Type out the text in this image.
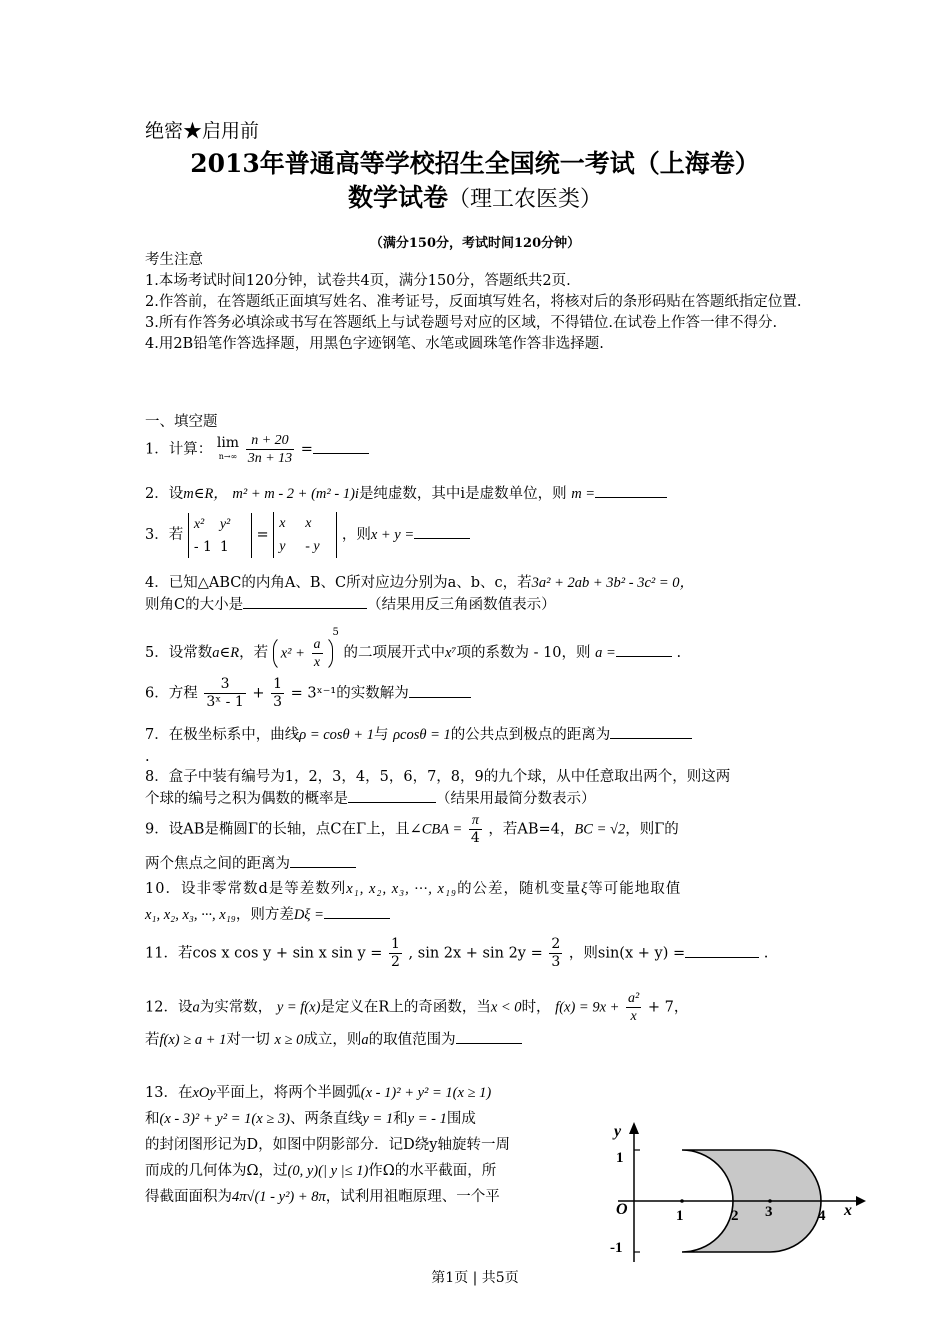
绝密★启用前
2013年普通高等学校招生全国统一考试（上海卷）
数学试卷（理工农医类）
（满分150分，考试时间120分钟）

考生注意

1.本场考试时间120分钟，试卷共4页，满分150分，答题纸共2页.

2.作答前，在答题纸正面填写姓名、准考证号，反面填写姓名，将核对后的条形码贴在答题纸指定位置.

3.所有作答务必填涂或书写在答题纸上与试卷题号对应的区域，不得错位.在试卷上作答一律不得分.

4.用2B铅笔作答选择题，用黑色字迹钢笔、水笔或圆珠笔作答非选择题.

一、填空题
1．计算： lim
n→∞
$\frac{n + 20}{3n + 13}$ =
2．设m∈R， m² + m - 2 + (m² - 1)i是纯虚数，其中i是虚数单位，则 m =
3．若
x² y²
- 1 1
=
x x
y - y
，则x + y =

4．已知△ABC的内角A、B、C所对应边分别为a、b、c，若3a² + 2ab + 3b² - 3c² = 0，

则角C的大小是	（结果用反三角函数值表示）

5．设常数a∈R，若 $x^2 + \frac{a}{x}$
$^5$ 的二项展开式中x⁷项的系数为 - 10，则 a =	.
6．方程 $\frac{3}{\text{3ˣ - 1}} + \frac{1}{3}$ = 3ˣ⁻¹的实数解为

7．在极坐标系中，曲线ρ = cosθ + 1与 ρcosθ = 1的公共点到极点的距离为

.

8．盒子中装有编号为1，2，3，4，5，6，7，8，9的九个球，从中任意取出两个，则这两

个球的编号之积为偶数的概率是	（结果用最简分数表示）

9．设AB是椭圆Γ的长轴，点C在Γ上，且∠CBA = $\frac{\pi}{4}$ ，若AB=4，BC = √2，则Γ的

两个焦点之间的距离为

10．设非零常数d是等差数列x₁, x₂, x₃, ···, x₁₉的公差，随机变量ξ等可能地取值

x₁, x₂, x₃, ···, x₁₉，则方差Dξ =

11．若cos x cos y + sin x $\sin y = \frac{1}{2}$ , $\sin 2x + \sin 2y = \frac{2}{3}$ ，则sin(x + y) =	.

12．设a为实常数， y = f(x)是定义在R上的奇函数，当x < 0时， $f(x) = 9x + \frac{\text{a²}}{x} + 7$，

若f(x) ≥ a + 1对一切 x ≥ 0成立，则a的取值范围为

13．在xOy平面上，将两个半圆弧(x - 1)² + y² = 1(x ≥ 1)

和(x - 3)² + y² = 1(x ≥ 3)、两条直线y = 1和y = - 1围成

的封闭图形记为D，如图中阴影部分．记D绕y轴旋转一周

而成的几何体为Ω，过(0, y)(| y |≤ 1)作Ω的水平截面，所

得截面面积为4π√(1 - y²) + 8π，试利用祖暅原理、一个平

y
x
O
1
-1
1	2 3	4
第1页 | 共5页
